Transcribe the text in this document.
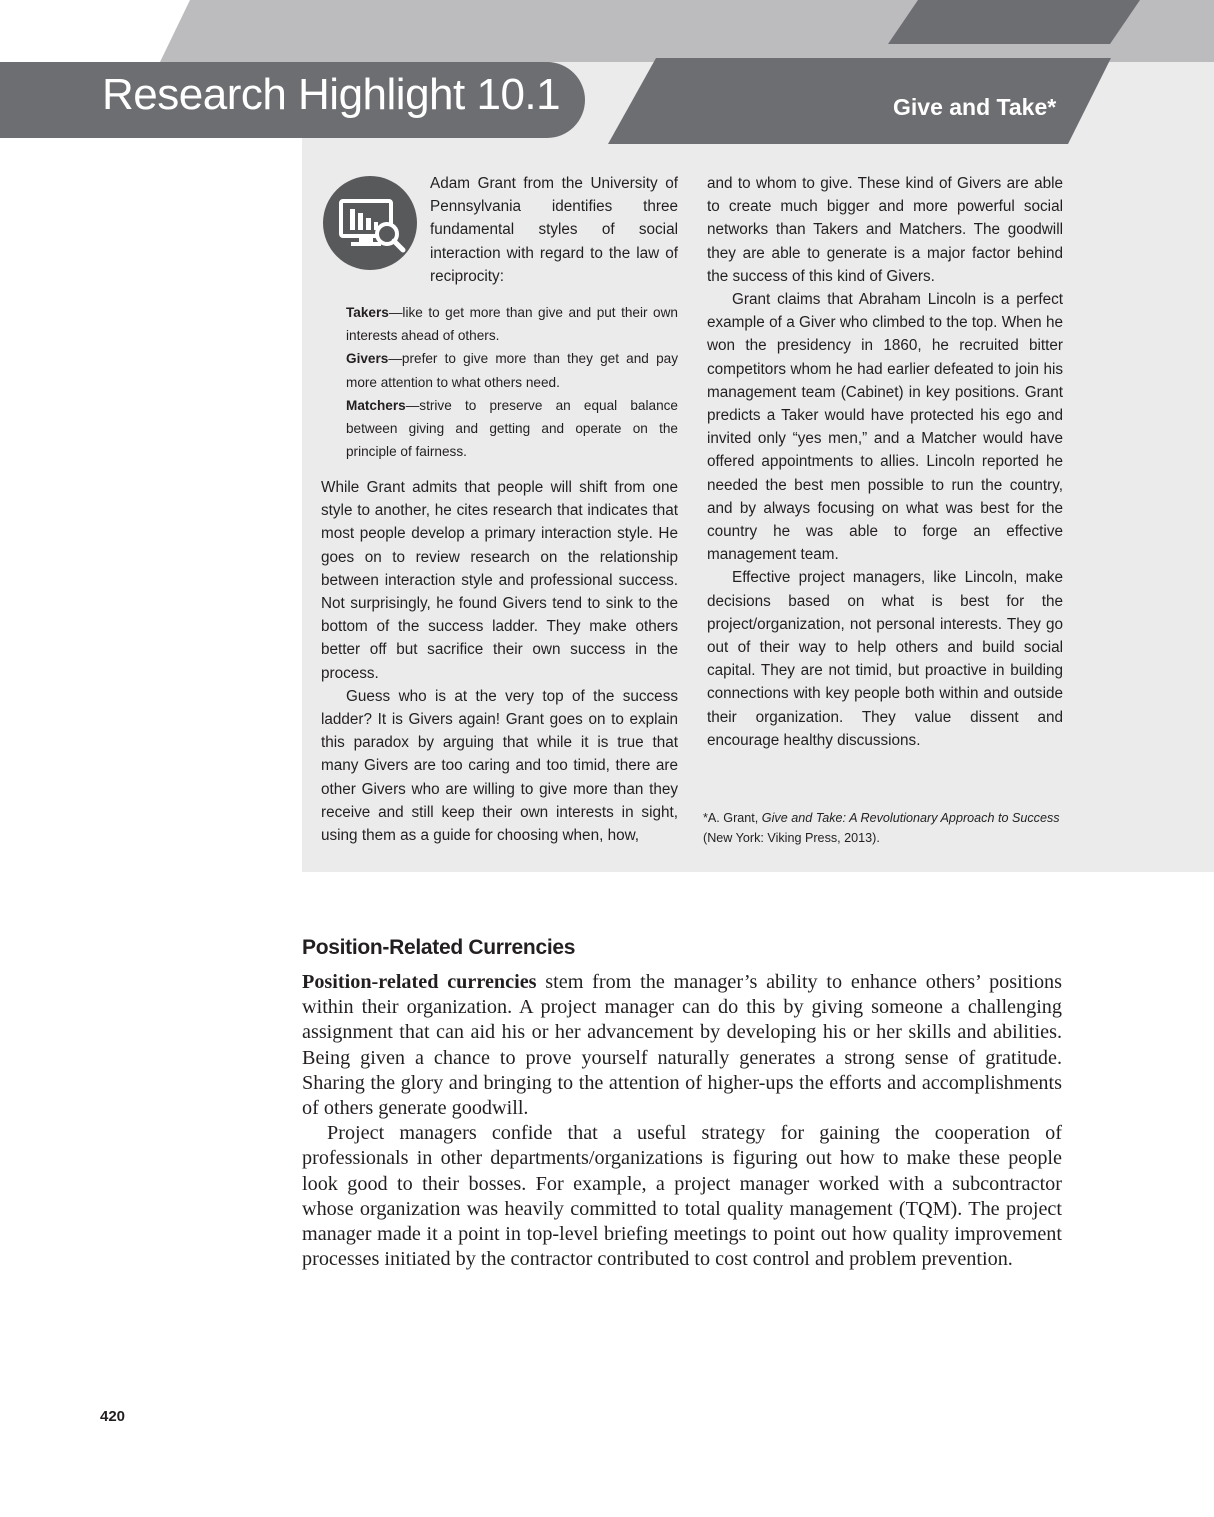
Research Highlight 10.1	Give and Take*

Adam Grant from the University of Pennsylvania identifies three fundamental styles of social interaction with regard to the law of reciprocity:

Takers—like to get more than give and put their own interests ahead of others.

Givers—prefer to give more than they get and pay more attention to what others need.

Matchers—strive to preserve an equal balance between giving and getting and operate on the principle of fairness.

While Grant admits that people will shift from one style to another, he cites research that indicates that most people develop a primary interaction style. He goes on to review research on the relationship between interaction style and professional success. Not surprisingly, he found Givers tend to sink to the bottom of the success ladder. They make others better off but sacrifice their own success in the process.

Guess who is at the very top of the success ladder? It is Givers again! Grant goes on to explain this paradox by arguing that while it is true that many Givers are too caring and too timid, there are other Givers who are willing to give more than they receive and still keep their own interests in sight, using them as a guide for choosing when, how,

and to whom to give. These kind of Givers are able to create much bigger and more powerful social networks than Takers and Matchers. The goodwill they are able to generate is a major factor behind the success of this kind of Givers.

Grant claims that Abraham Lincoln is a perfect example of a Giver who climbed to the top. When he won the presidency in 1860, he recruited bitter competitors whom he had earlier defeated to join his management team (Cabinet) in key positions. Grant predicts a Taker would have protected his ego and invited only “yes men,” and a Matcher would have offered appointments to allies. Lincoln reported he needed the best men possible to run the country, and by always focusing on what was best for the country he was able to forge an effective management team.

Effective project managers, like Lincoln, make decisions based on what is best for the project/organization, not personal interests. They go out of their way to help others and build social capital. They are not timid, but proactive in building connections with key people both within and outside their organization. They value dissent and encourage healthy discussions.

*A. Grant, Give and Take: A Revolutionary Approach to Success (New York: Viking Press, 2013).

Position-Related Currencies

Position-related currencies stem from the manager’s ability to enhance others’ positions within their organization. A project manager can do this by giving someone a challenging assignment that can aid his or her advancement by developing his or her skills and abilities. Being given a chance to prove yourself naturally generates a strong sense of gratitude. Sharing the glory and bringing to the attention of higher-ups the efforts and accomplishments of others generate goodwill.

Project managers confide that a useful strategy for gaining the cooperation of professionals in other departments/organizations is figuring out how to make these people look good to their bosses. For example, a project manager worked with a subcontractor whose organization was heavily committed to total quality management (TQM). The project manager made it a point in top-level briefing meetings to point out how quality improvement processes initiated by the contractor contributed to cost control and problem prevention.

420
